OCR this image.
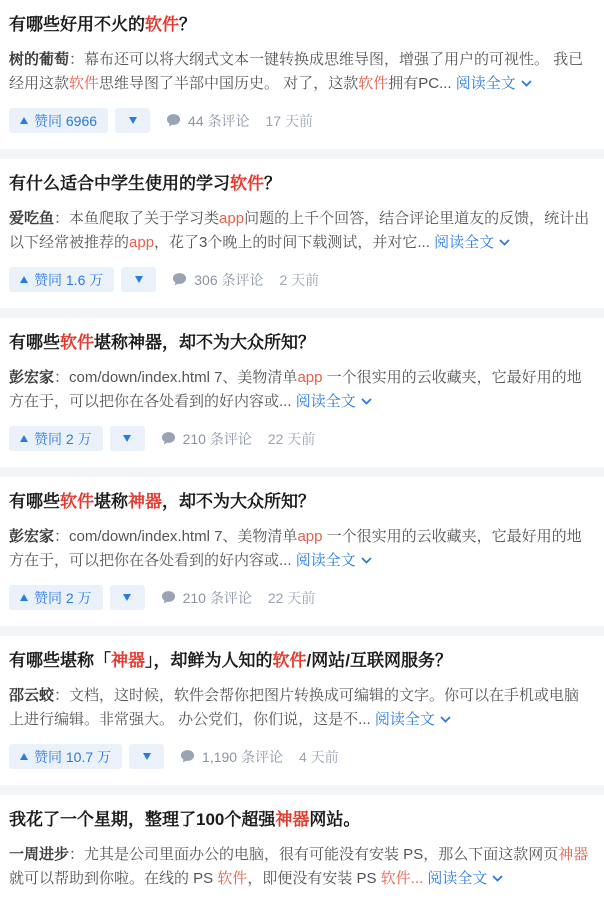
有哪些好用不火的软件？

树的葡萄：幕布还可以将大纲式文本一键转换成思维导图，增强了用户的可视性。 我已经用这款软件思维导图了半部中国历史。 对了，这款软件拥有PC... 阅读全文

赞同 6966	44 条评论 17 天前
有什么适合中学生使用的学习软件？

爱吃鱼：本鱼爬取了关于学习类app问题的上千个回答，结合评论里道友的反馈，统计出以下经常被推荐的app，花了3个晚上的时间下载测试，并对它... 阅读全文

赞同 1.6 万	306 条评论 2 天前
有哪些软件堪称神器，却不为大众所知？

彭宏家：com/down/index.html 7、美物清单app 一个很实用的云收藏夹，它最好用的地方在于，可以把你在各处看到的好内容或... 阅读全文

赞同 2 万	210 条评论 22 天前
有哪些软件堪称神器，却不为大众所知？

彭宏家：com/down/index.html 7、美物清单app 一个很实用的云收藏夹，它最好用的地方在于，可以把你在各处看到的好内容或... 阅读全文

赞同 2 万	210 条评论 22 天前
有哪些堪称「神器」，却鲜为人知的软件/网站/互联网服务？

邵云蛟：文档，这时候，软件会帮你把图片转换成可编辑的文字。你可以在手机或电脑上进行编辑。非常强大。 办公党们，你们说，这是不... 阅读全文

赞同 10.7 万	1,190 条评论 4 天前
我花了一个星期，整理了100个超强神器网站。

一周进步：尤其是公司里面办公的电脑，很有可能没有安装 PS，那么下面这款网页神器就可以帮助到你啦。在线的 PS 软件，即便没有安装 PS 软件... 阅读全文
